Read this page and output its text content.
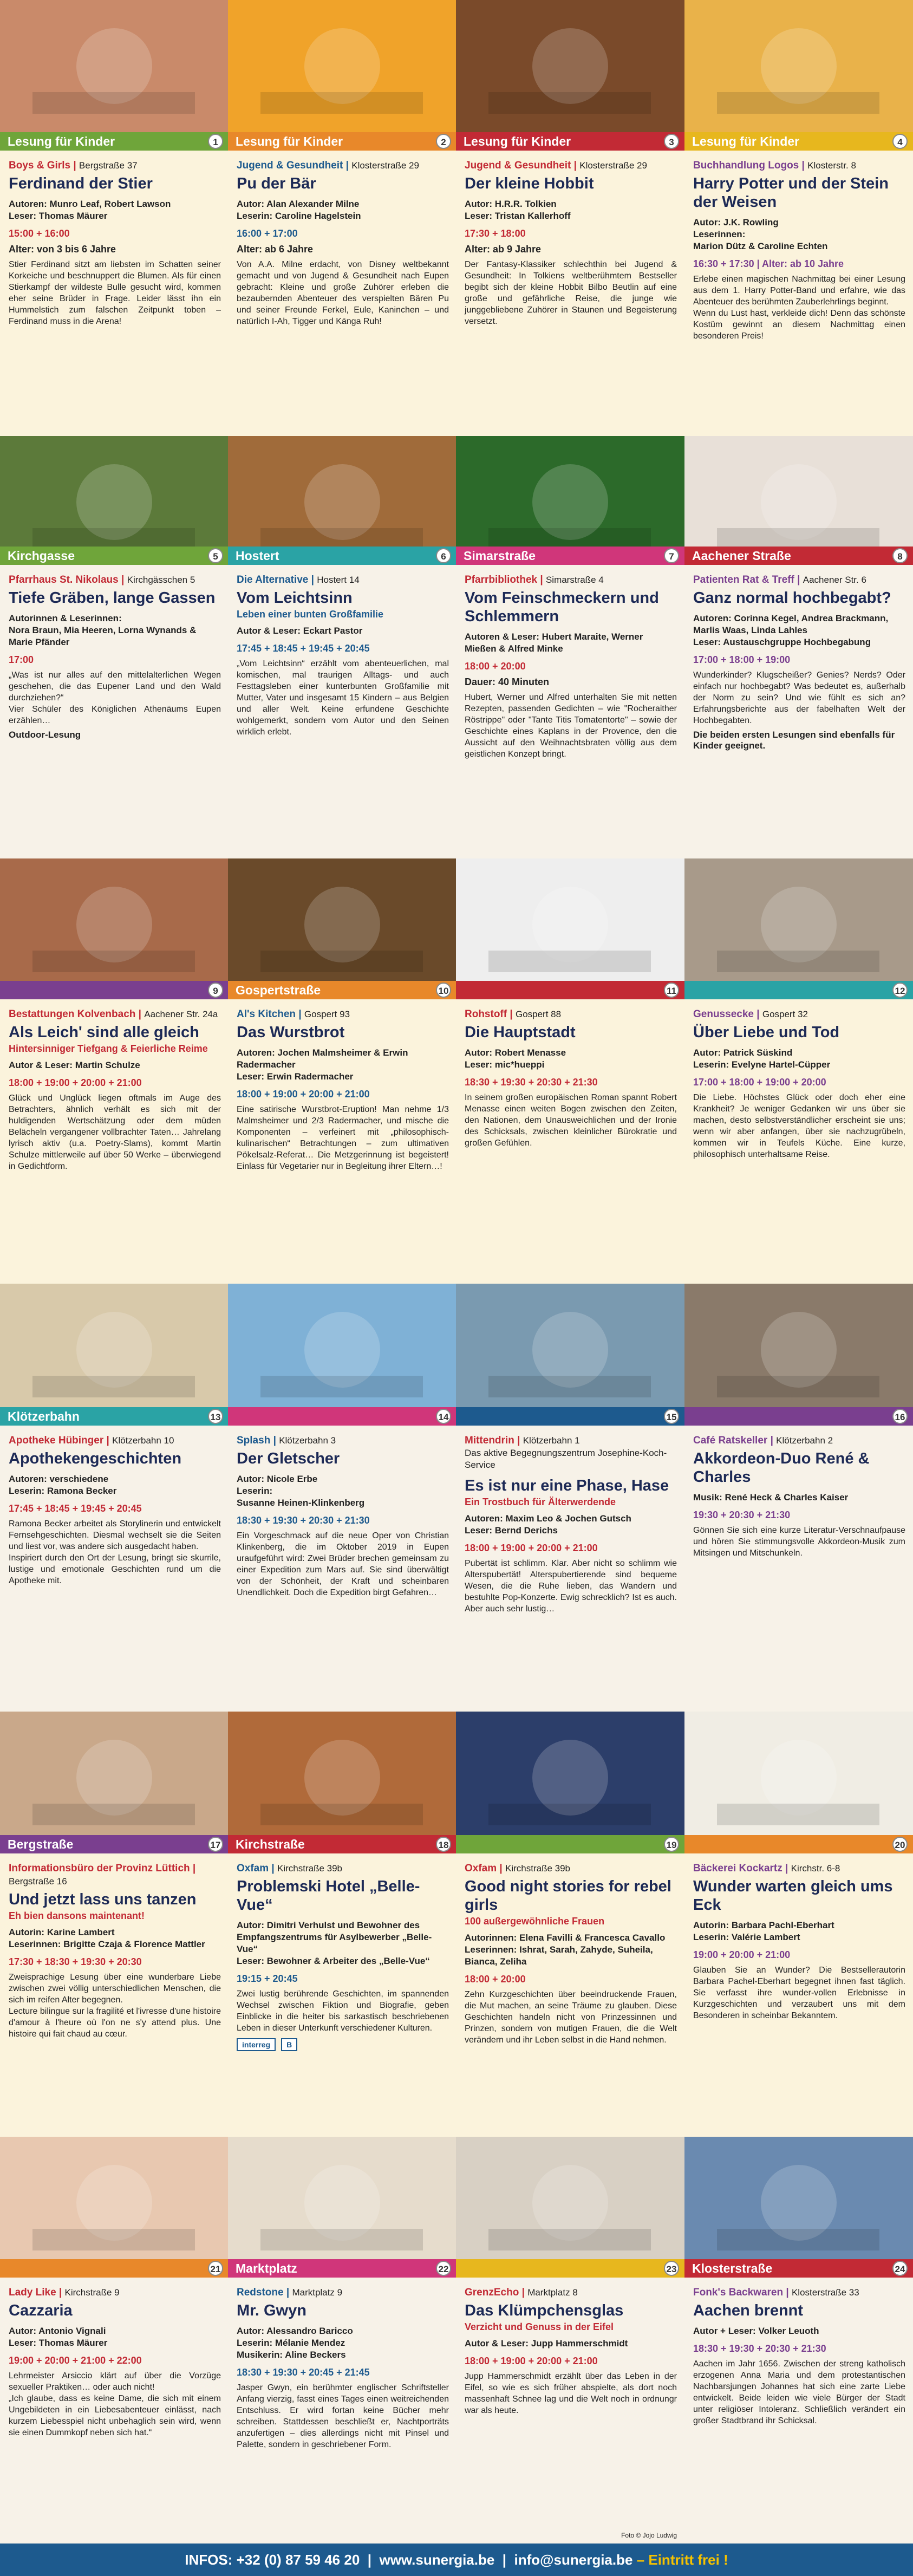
Lesung für Kinder	1	Lesung für Kinder	2	Lesung für Kinder	3	Lesung für Kinder	4
Boys & Girls | Bergstraße 37
Ferdinand der Stier
Autoren: Munro Leaf, Robert Lawson
Leser: Thomas Mäurer
15:00 + 16:00
Alter: von 3 bis 6 Jahre
Stier Ferdinand sitzt am liebsten im Schatten seiner Korkeiche und beschnuppert die Blumen. Als für einen Stierkampf der wildeste Bulle gesucht wird, kommen eher seine Brüder in Frage. Leider lässt ihn ein Hummelstich zum falschen Zeitpunkt toben – Ferdinand muss in die Arena!
Jugend & Gesundheit | Klosterstraße 29
Pu der Bär
Autor: Alan Alexander Milne
Leserin: Caroline Hagelstein
16:00 + 17:00
Alter: ab 6 Jahre
Von A.A. Milne erdacht, von Disney weltbekannt gemacht und von Jugend & Gesundheit nach Eupen gebracht: Kleine und große Zuhörer erleben die bezaubernden Abenteuer des verspielten Bären Pu und seiner Freunde Ferkel, Eule, Kaninchen – und natürlich I-Ah, Tigger und Känga Ruh!
Jugend & Gesundheit | Klosterstraße 29
Der kleine Hobbit
Autor: H.R.R. Tolkien
Leser: Tristan Kallerhoff
17:30 + 18:00
Alter: ab 9 Jahre
Der Fantasy-Klassiker schlechthin bei Jugend & Gesundheit: In Tolkiens weltberühmtem Bestseller begibt sich der kleine Hobbit Bilbo Beutlin auf eine große und gefährliche Reise, die junge wie junggebliebene Zuhörer in Staunen und Begeisterung versetzt.
Buchhandlung Logos | Klosterstr. 8
Harry Potter und der Stein der Weisen
Autor: J.K. Rowling
Leserinnen:
Marion Dütz & Caroline Echten
16:30 + 17:30 | Alter: ab 10 Jahre
Erlebe einen magischen Nachmittag bei einer Lesung aus dem 1. Harry Potter-Band und erfahre, wie das Abenteuer des berühmten Zauberlehrlings beginnt.
Wenn du Lust hast, verkleide dich! Denn das schönste Kostüm gewinnt an diesem Nachmittag einen besonderen Preis!
Kirchgasse	5	Hostert	6	Simarstraße	7	Aachener Straße	8
Pfarrhaus St. Nikolaus | Kirchgässchen 5
Tiefe Gräben, lange Gassen
Autorinnen & Leserinnen:
Nora Braun, Mia Heeren, Lorna Wynands & Marie Pfänder
17:00
„Was ist nur alles auf den mittelalterlichen Wegen geschehen, die das Eupener Land und den Wald durchziehen?“
Vier Schüler des Königlichen Athenäums Eupen erzählen…
Outdoor-Lesung
Die Alternative | Hostert 14
Vom Leichtsinn
Leben einer bunten Großfamilie
Autor & Leser: Eckart Pastor
17:45 + 18:45 + 19:45 + 20:45
„Vom Leichtsinn“ erzählt vom abenteuerlichen, mal komischen, mal traurigen Alltags- und auch Festtagsleben einer kunterbunten Großfamilie mit Mutter, Vater und insgesamt 15 Kindern – aus Belgien und aller Welt. Keine erfundene Geschichte wohlgemerkt, sondern vom Autor und den Seinen wirklich erlebt.
Pfarrbibliothek | Simarstraße 4
Vom Feinschmeckern und Schlemmern
Autoren & Leser: Hubert Maraite, Werner Mießen & Alfred Minke
18:00 + 20:00
Dauer: 40 Minuten
Hubert, Werner und Alfred unterhalten Sie mit netten Rezepten, passenden Gedichten – wie "Rocheraither Röstrippe" oder "Tante Titis Tomatentorte" – sowie der Geschichte eines Kaplans in der Provence, den die Aussicht auf den Weihnachtsbraten völlig aus dem geistlichen Konzept bringt.
Patienten Rat & Treff | Aachener Str. 6
Ganz normal hochbegabt?
Autoren: Corinna Kegel, Andrea Brackmann, Marlis Waas, Linda Lahles
Leser: Austauschgruppe Hochbegabung
17:00 + 18:00 + 19:00
Wunderkinder? Klugscheißer? Genies? Nerds? Oder einfach nur hochbegabt? Was bedeutet es, außerhalb der Norm zu sein? Und wie fühlt es sich an? Erfahrungsberichte aus der fabelhaften Welt der Hochbegabten.
Die beiden ersten Lesungen sind ebenfalls für Kinder geeignet.
9	Gospertstraße	10	11	12
Bestattungen Kolvenbach | Aachener Str. 24a
Als Leich' sind alle gleich
Hintersinniger Tiefgang & Feierliche Reime
Autor & Leser: Martin Schulze
18:00 + 19:00 + 20:00 + 21:00
Glück und Unglück liegen oftmals im Auge des Betrachters, ähnlich verhält es sich mit der huldigenden Wertschätzung oder dem müden Belächeln vergangener vollbrachter Taten… Jahrelang lyrisch aktiv (u.a. Poetry-Slams), kommt Martin Schulze mittlerweile auf über 50 Werke – überwiegend in Gedichtform.
Al's Kitchen | Gospert 93
Das Wurstbrot
Autoren: Jochen Malmsheimer & Erwin Radermacher
Leser: Erwin Radermacher
18:00 + 19:00 + 20:00 + 21:00
Eine satirische Wurstbrot-Eruption! Man nehme 1/3 Malmsheimer und 2/3 Radermacher, und mische die Komponenten – verfeinert mit „philosophisch-kulinarischen“ Betrachtungen – zum ultimativen Pökelsalz-Referat… Die Metzgerinnung ist begeistert! Einlass für Vegetarier nur in Begleitung ihrer Eltern…!
Rohstoff | Gospert 88
Die Hauptstadt
Autor: Robert Menasse
Leser: mic*hueppi
18:30 + 19:30 + 20:30 + 21:30
In seinem großen europäischen Roman spannt Robert Menasse einen weiten Bogen zwischen den Zeiten, den Nationen, dem Unausweichlichen und der Ironie des Schicksals, zwischen kleinlicher Bürokratie und großen Gefühlen.
Genussecke | Gospert 32
Über Liebe und Tod
Autor: Patrick Süskind
Leserin: Evelyne Hartel-Cüpper
17:00 + 18:00 + 19:00 + 20:00
Die Liebe. Höchstes Glück oder doch eher eine Krankheit? Je weniger Gedanken wir uns über sie machen, desto selbstverständlicher erscheint sie uns; wenn wir aber anfangen, über sie nachzugrübeln, kommen wir in Teufels Küche. Eine kurze, philosophisch unterhaltsame Reise.
Klötzerbahn	13	14	15	16
Apotheke Hübinger | Klötzerbahn 10
Apothekengeschichten
Autoren: verschiedene
Leserin: Ramona Becker
17:45 + 18:45 + 19:45 + 20:45
Ramona Becker arbeitet als Storylinerin und entwickelt Fernsehgeschichten. Diesmal wechselt sie die Seiten und liest vor, was andere sich ausgedacht haben.
Inspiriert durch den Ort der Lesung, bringt sie skurrile, lustige und emotionale Geschichten rund um die Apotheke mit.
Splash | Klötzerbahn 3
Der Gletscher
Autor: Nicole Erbe
Leserin:
Susanne Heinen-Klinkenberg
18:30 + 19:30 + 20:30 + 21:30
Ein Vorgeschmack auf die neue Oper von Christian Klinkenberg, die im Oktober 2019 in Eupen uraufgeführt wird: Zwei Brüder brechen gemeinsam zu einer Expedition zum Mars auf. Sie sind überwältigt von der Schönheit, der Kraft und scheinbaren Unendlichkeit. Doch die Expedition birgt Gefahren…
Mittendrin | Klötzerbahn 1
Das aktive Begegnungszentrum Josephine-Koch-Service
Es ist nur eine Phase, Hase
Ein Trostbuch für Älterwerdende
Autoren: Maxim Leo & Jochen Gutsch
Leser: Bernd Derichs
18:00 + 19:00 + 20:00 + 21:00
Pubertät ist schlimm. Klar. Aber nicht so schlimm wie Alterspubertät! Alterspubertierende sind bequeme Wesen, die die Ruhe lieben, das Wandern und bestuhlte Pop-Konzerte. Ewig schrecklich? Ist es auch. Aber auch sehr lustig…
Café Ratskeller | Klötzerbahn 2
Akkordeon-Duo René & Charles
Musik: René Heck & Charles Kaiser
19:30 + 20:30 + 21:30
Gönnen Sie sich eine kurze Literatur-Verschnaufpause und hören Sie stimmungsvolle Akkordeon-Musik zum Mitsingen und Mitschunkeln.
Bergstraße	17	Kirchstraße	18	19	20
Informationsbüro der Provinz Lüttich | Bergstraße 16
Und jetzt lass uns tanzen
Eh bien dansons maintenant!
Autorin: Karine Lambert
Leserinnen: Brigitte Czaja & Florence Mattler
17:30 + 18:30 + 19:30 + 20:30
Zweisprachige Lesung über eine wunderbare Liebe zwischen zwei völlig unterschiedlichen Menschen, die sich im reifen Alter begegnen.
Lecture bilingue sur la fragilité et l'ivresse d'une histoire d'amour à l'heure où l'on ne s'y attend plus. Une histoire qui fait chaud au cœur.
Oxfam | Kirchstraße 39b
Problemski Hotel „Belle-Vue“
Autor: Dimitri Verhulst und Bewohner des Empfangszentrums für Asylbewerber „Belle-Vue“
Leser: Bewohner & Arbeiter des „Belle-Vue“
19:15 + 20:45
Zwei lustig berührende Geschichten, im spannenden Wechsel zwischen Fiktion und Biografie, geben Einblicke in die heiter bis sarkastisch beschriebenen Leben in dieser Unterkunft verschiedener Kulturen.
interreg B
Oxfam | Kirchstraße 39b
Good night stories for rebel girls
100 außergewöhnliche Frauen
Autorinnen: Elena Favilli & Francesca Cavallo
Leserinnen: Ishrat, Sarah, Zahyde, Suheila, Bianca, Zeliha
18:00 + 20:00
Zehn Kurzgeschichten über beeindruckende Frauen, die Mut machen, an seine Träume zu glauben. Diese Geschichten handeln nicht von Prinzessinnen und Prinzen, sondern von mutigen Frauen, die die Welt verändern und ihr Leben selbst in die Hand nehmen.
Bäckerei Kockartz | Kirchstr. 6-8
Wunder warten gleich ums Eck
Autorin: Barbara Pachl-Eberhart
Leserin: Valérie Lambert
19:00 + 20:00 + 21:00
Glauben Sie an Wunder? Die Bestsellerautorin Barbara Pachel-Eberhart begegnet ihnen fast täglich. Sie verfasst ihre wunder-vollen Erlebnisse in Kurzgeschichten und verzaubert uns mit dem Besonderen in scheinbar Bekanntem.
21	Marktplatz	22	23	Klosterstraße	24
Lady Like | Kirchstraße 9
Cazzaria
Autor: Antonio Vignali
Leser: Thomas Mäurer
19:00 + 20:00 + 21:00 + 22:00
Lehrmeister Arsiccio klärt auf über die Vorzüge sexueller Praktiken… oder auch nicht!
„Ich glaube, dass es keine Dame, die sich mit einem Ungebildeten in ein Liebesabenteuer einlässt, nach kurzem Liebesspiel nicht unbehaglich sein wird, wenn sie einen Dummkopf neben sich hat.“
Redstone | Marktplatz 9
Mr. Gwyn
Autor: Alessandro Baricco
Leserin: Mélanie Mendez
Musikerin: Aline Beckers
18:30 + 19:30 + 20:45 + 21:45
Jasper Gwyn, ein berühmter englischer Schriftsteller Anfang vierzig, fasst eines Tages einen weitreichenden Entschluss. Er wird fortan keine Bücher mehr schreiben. Stattdessen beschließt er, Nachtporträts anzufertigen – dies allerdings nicht mit Pinsel und Palette, sondern in geschriebener Form.
GrenzEcho | Marktplatz 8
Das Klümpchensglas
Verzicht und Genuss in der Eifel
Autor & Leser: Jupp Hammerschmidt
18:00 + 19:00 + 20:00 + 21:00
Jupp Hammerschmidt erzählt über das Leben in der Eifel, so wie es sich früher abspielte, als dort noch massenhaft Schnee lag und die Welt noch in ordnungr war als heute.
Foto © Jojo Ludwig
Fonk's Backwaren | Klosterstraße 33
Aachen brennt
Autor + Leser: Volker Leuoth
18:30 + 19:30 + 20:30 + 21:30
Aachen im Jahr 1656. Zwischen der streng katholisch erzogenen Anna Maria und dem protestantischen Nachbarsjungen Johannes hat sich eine zarte Liebe entwickelt. Beide leiden wie viele Bürger der Stadt unter religiöser Intoleranz. Schließlich verändert ein großer Stadtbrand ihr Schicksal.
INFOS: +32 (0) 87 59 46 20  |  www.sunergia.be  |  info@sunergia.be – Eintritt frei !
